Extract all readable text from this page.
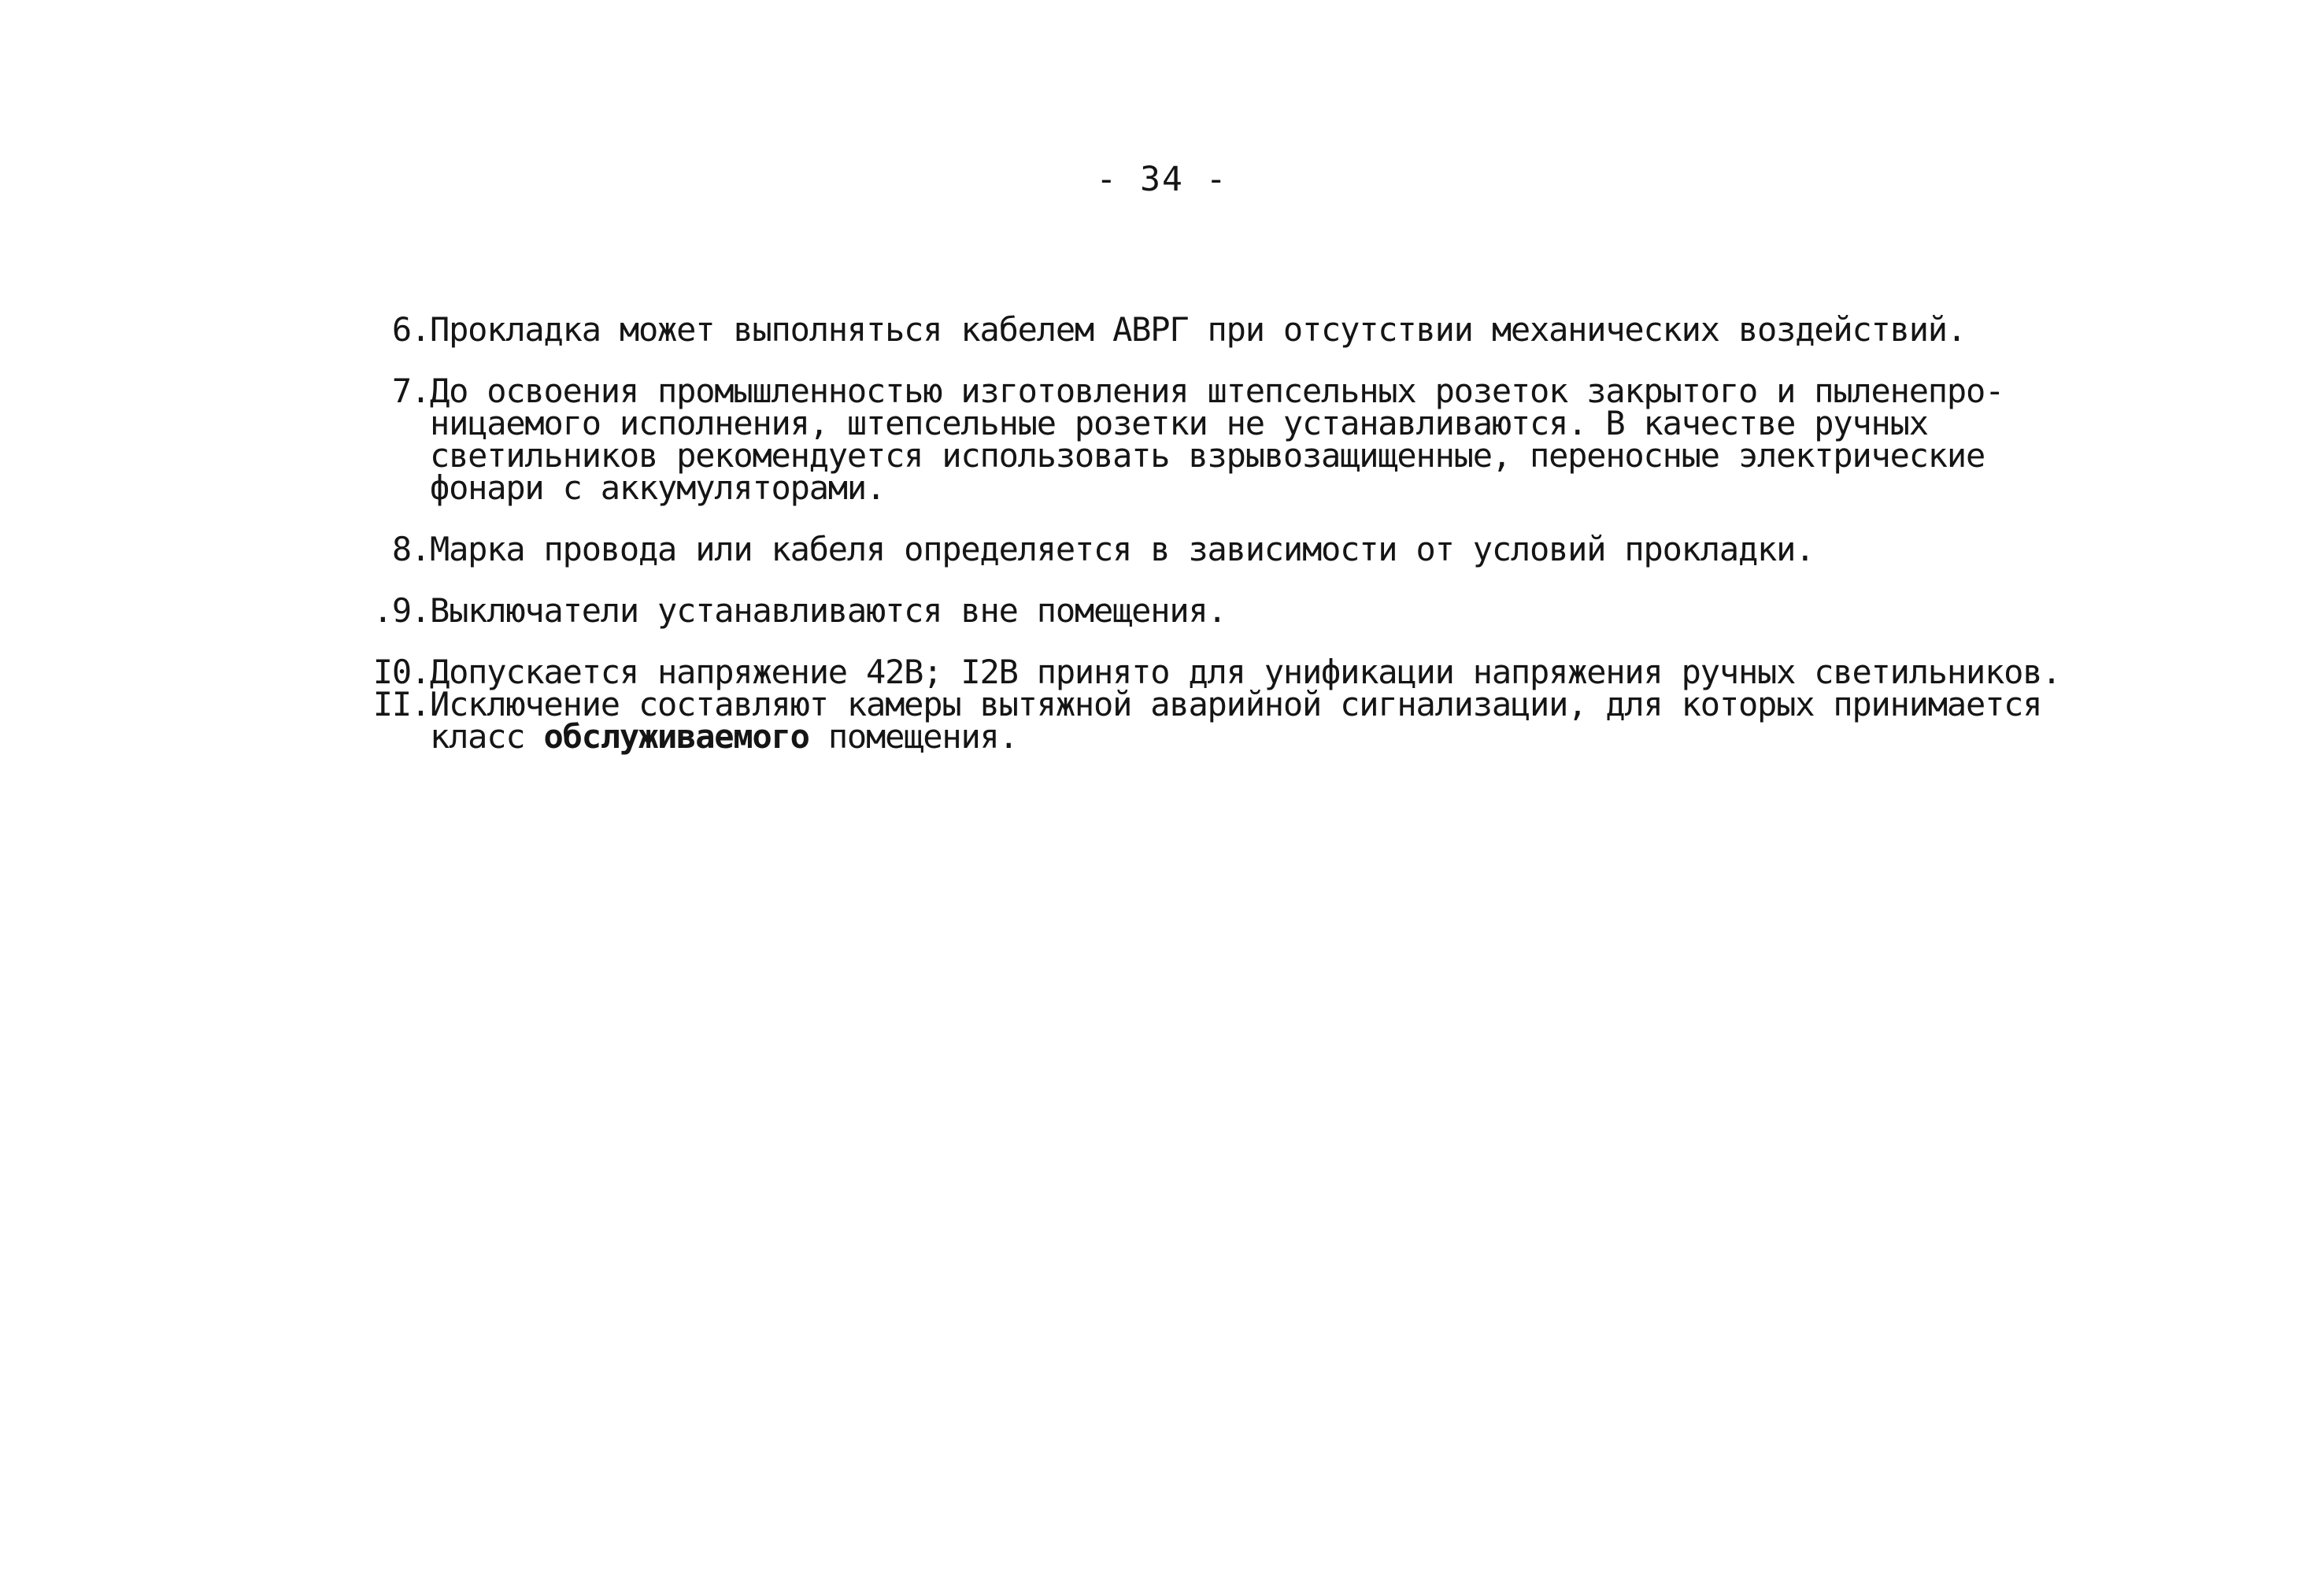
- 34 -
6. Прокладка может выполняться кабелем АВРГ при отсутствии механических воздействий.
7. До освоения промышленностью изготовления штепсельных розеток закрытого и пыленепро-
ницаемого исполнения, штепсельные розетки не устанавливаются. В качестве ручных
светильников рекомендуется использовать взрывозащищенные, переносные электрические
фонари с аккумуляторами.
8. Марка провода или кабеля определяется в зависимости от условий прокладки.
.9. Выключатели устанавливаются вне помещения.
I0. Допускается напряжение 42В; I2В принято для унификации напряжения ручных светильников.
II. Исключение составляют камеры вытяжной аварийной сигнализации, для которых принимается
класс обслуживаемого помещения.
